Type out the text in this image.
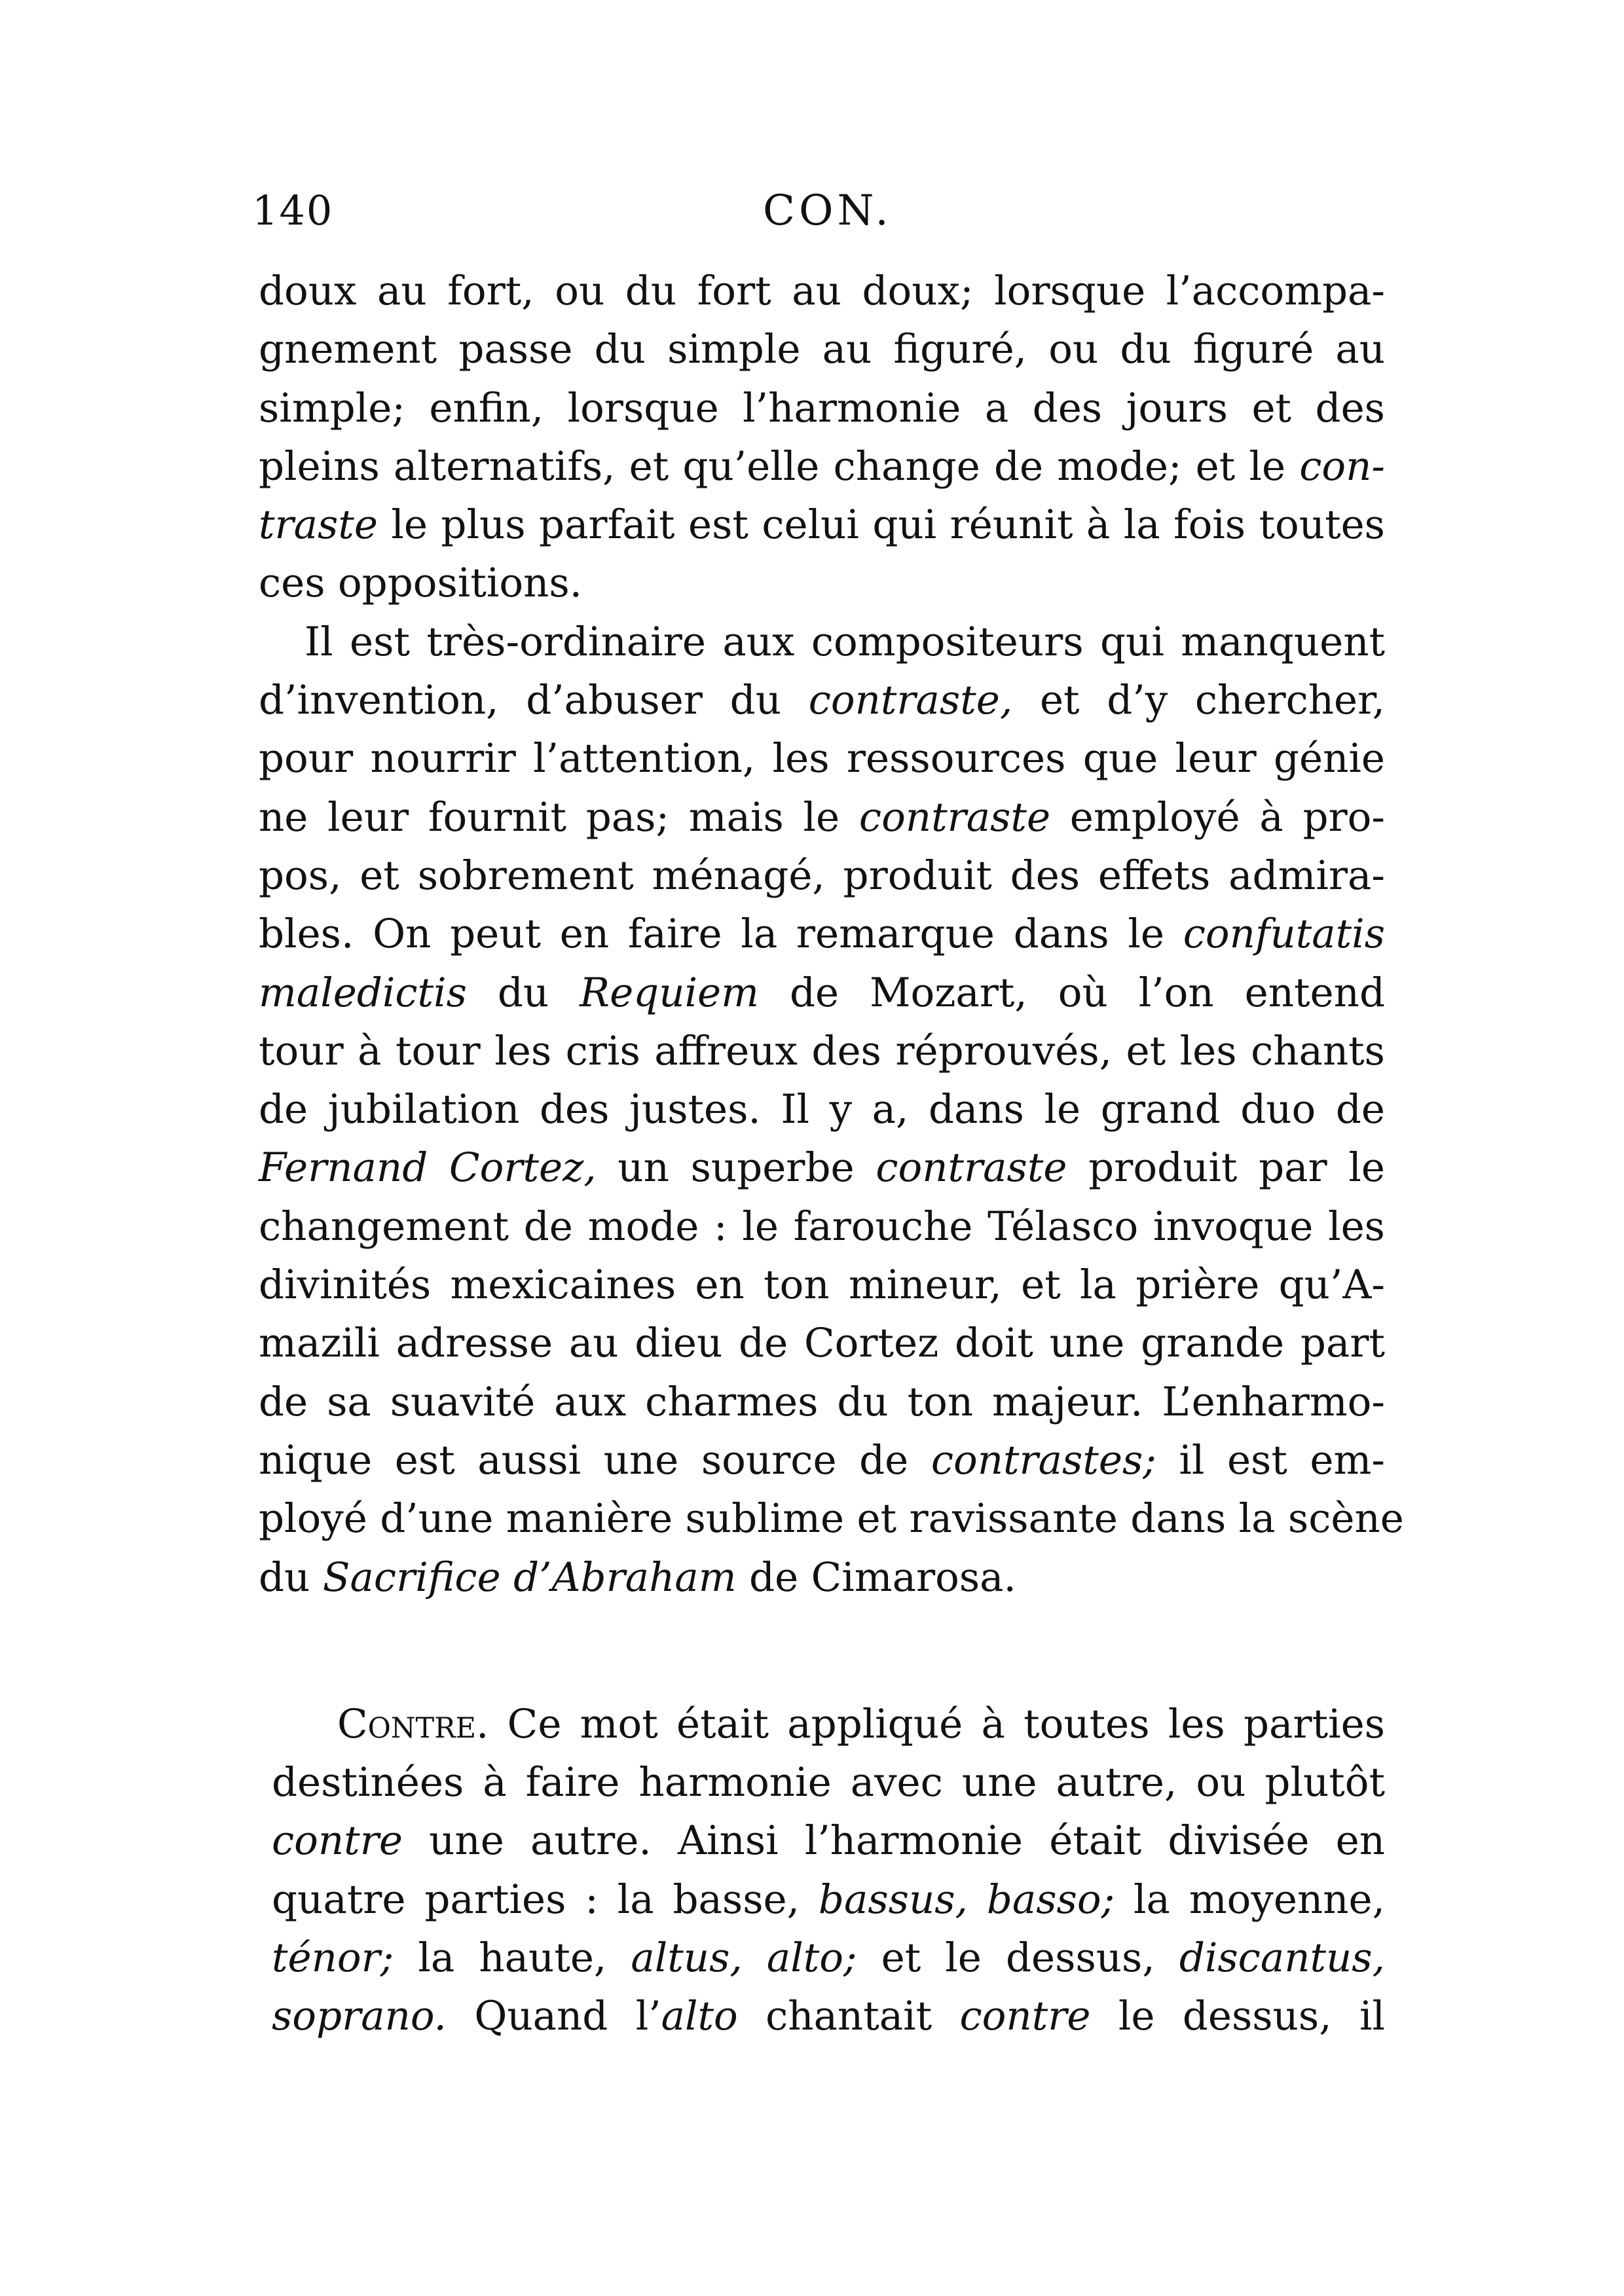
140	CON.
doux au fort, ou du fort au doux; lorsque l’accompa-
gnement passe du simple au figuré, ou du figuré au
simple; enfin, lorsque l’harmonie a des jours et des
pleins alternatifs, et qu’elle change de mode; et le con-
traste le plus parfait est celui qui réunit à la fois toutes
ces oppositions.
Il est très-ordinaire aux compositeurs qui manquent
d’invention, d’abuser du contraste, et d’y chercher,
pour nourrir l’attention, les ressources que leur génie
ne leur fournit pas; mais le contraste employé à pro-
pos, et sobrement ménagé, produit des effets admira-
bles. On peut en faire la remarque dans le confutatis
maledictis du Requiem de Mozart, où l’on entend
tour à tour les cris affreux des réprouvés, et les chants
de jubilation des justes. Il y a, dans le grand duo de
Fernand Cortez, un superbe contraste produit par le
changement de mode : le farouche Télasco invoque les
divinités mexicaines en ton mineur, et la prière qu’A-
mazili adresse au dieu de Cortez doit une grande part
de sa suavité aux charmes du ton majeur. L’enharmo-
nique est aussi une source de contrastes; il est em-
ployé d’une manière sublime et ravissante dans la scène
du Sacrifice d’Abraham de Cimarosa.
Contre. Ce mot était appliqué à toutes les parties
destinées à faire harmonie avec une autre, ou plutôt
contre une autre. Ainsi l’harmonie était divisée en
quatre parties : la basse, bassus, basso; la moyenne,
ténor; la haute, altus, alto; et le dessus, discantus,
soprano. Quand l’alto chantait contre le dessus, il
